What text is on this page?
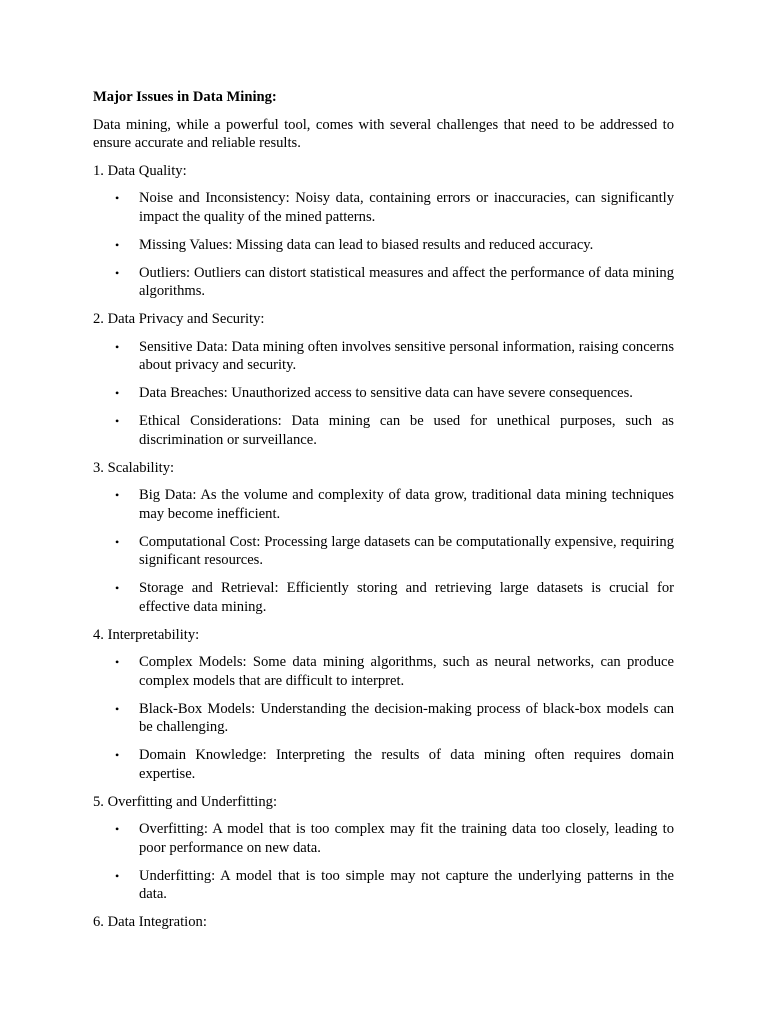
Major Issues in Data Mining:
Data mining, while a powerful tool, comes with several challenges that need to be addressed to ensure accurate and reliable results.
1. Data Quality:
• Noise and Inconsistency: Noisy data, containing errors or inaccuracies, can significantly impact the quality of the mined patterns.
• Missing Values: Missing data can lead to biased results and reduced accuracy.
• Outliers: Outliers can distort statistical measures and affect the performance of data mining algorithms.
2. Data Privacy and Security:
• Sensitive Data: Data mining often involves sensitive personal information, raising concerns about privacy and security.
• Data Breaches: Unauthorized access to sensitive data can have severe consequences.
• Ethical Considerations: Data mining can be used for unethical purposes, such as discrimination or surveillance.
3. Scalability:
• Big Data: As the volume and complexity of data grow, traditional data mining techniques may become inefficient.
• Computational Cost: Processing large datasets can be computationally expensive, requiring significant resources.
• Storage and Retrieval: Efficiently storing and retrieving large datasets is crucial for effective data mining.
4. Interpretability:
• Complex Models: Some data mining algorithms, such as neural networks, can produce complex models that are difficult to interpret.
• Black-Box Models: Understanding the decision-making process of black-box models can be challenging.
• Domain Knowledge: Interpreting the results of data mining often requires domain expertise.
5. Overfitting and Underfitting:
• Overfitting: A model that is too complex may fit the training data too closely, leading to poor performance on new data.
• Underfitting: A model that is too simple may not capture the underlying patterns in the data.
6. Data Integration:
